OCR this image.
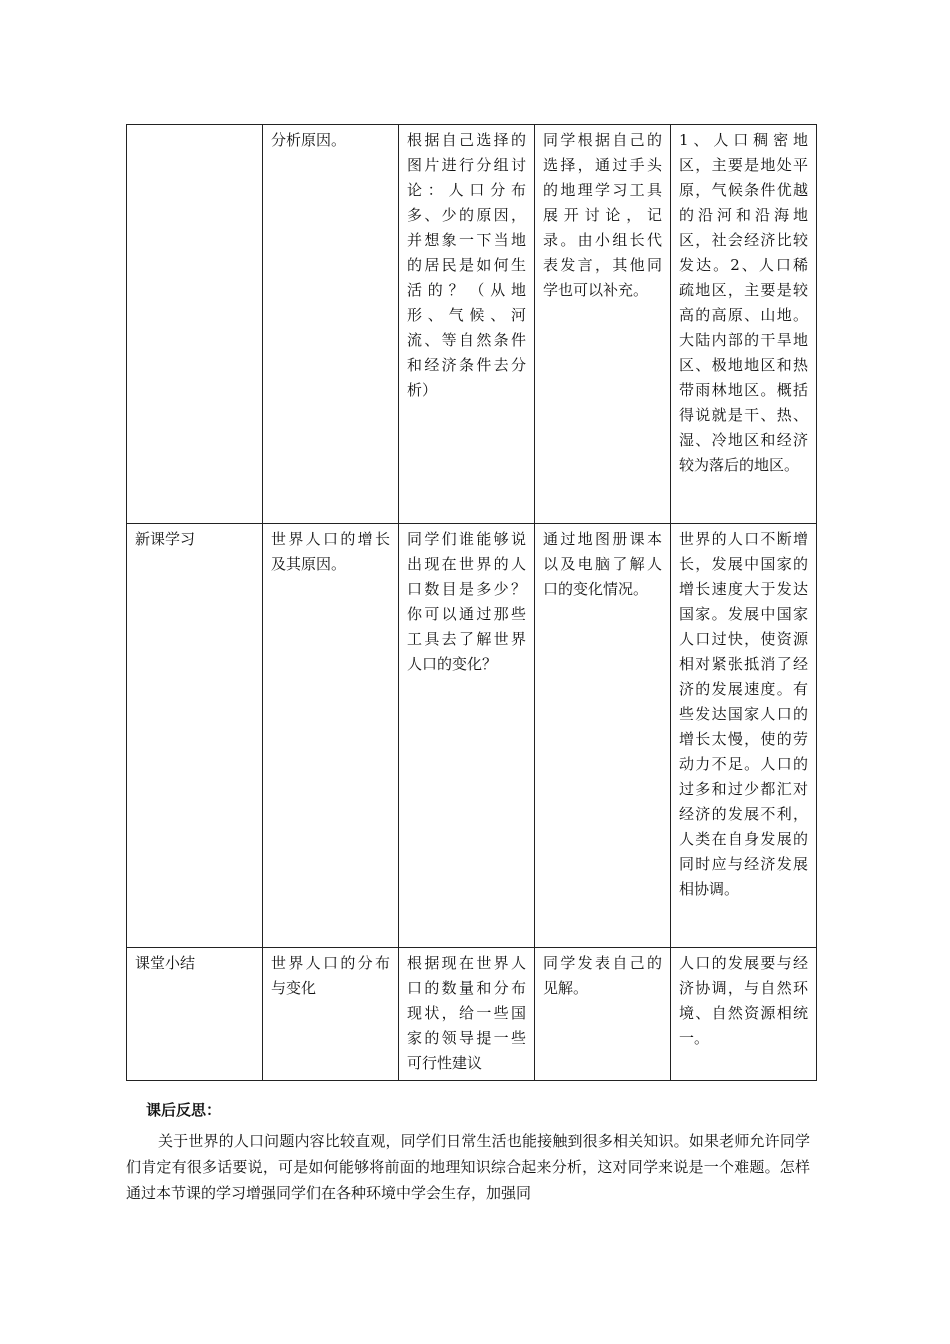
	分析原因。	根据自己选择的图片进行分组讨论：人口分布多、少的原因，并想象一下当地的居民是如何生活的？（从地形、气候、河流、等自然条件和经济条件去分析）	同学根据自己的选择，通过手头的地理学习工具展开讨论，记录。由小组长代表发言，其他同学也可以补充。	1、人口稠密地区，主要是地处平原，气候条件优越的沿河和沿海地区，社会经济比较发达。2、人口稀疏地区，主要是较高的高原、山地。大陆内部的干旱地区、极地地区和热带雨林地区。概括得说就是干、热、湿、冷地区和经济较为落后的地区。
新课学习	世界人口的增长及其原因。	同学们谁能够说出现在世界的人口数目是多少？你可以通过那些工具去了解世界人口的变化？	通过地图册课本以及电脑了解人口的变化情况。	世界的人口不断增长，发展中国家的增长速度大于发达国家。发展中国家人口过快，使资源相对紧张抵消了经济的发展速度。有些发达国家人口的增长太慢，使的劳动力不足。人口的过多和过少都汇对经济的发展不利，人类在自身发展的同时应与经济发展相协调。
课堂小结	世界人口的分布与变化	根据现在世界人口的数量和分布现状，给一些国家的领导提一些可行性建议	同学发表自己的见解。	人口的发展要与经济协调，与自然环境、自然资源相统一。

课后反思：

关于世界的人口问题内容比较直观，同学们日常生活也能接触到很多相关知识。如果老师允许同学们肯定有很多话要说，可是如何能够将前面的地理知识综合起来分析，这对同学来说是一个难题。怎样通过本节课的学习增强同学们在各种环境中学会生存，加强同
